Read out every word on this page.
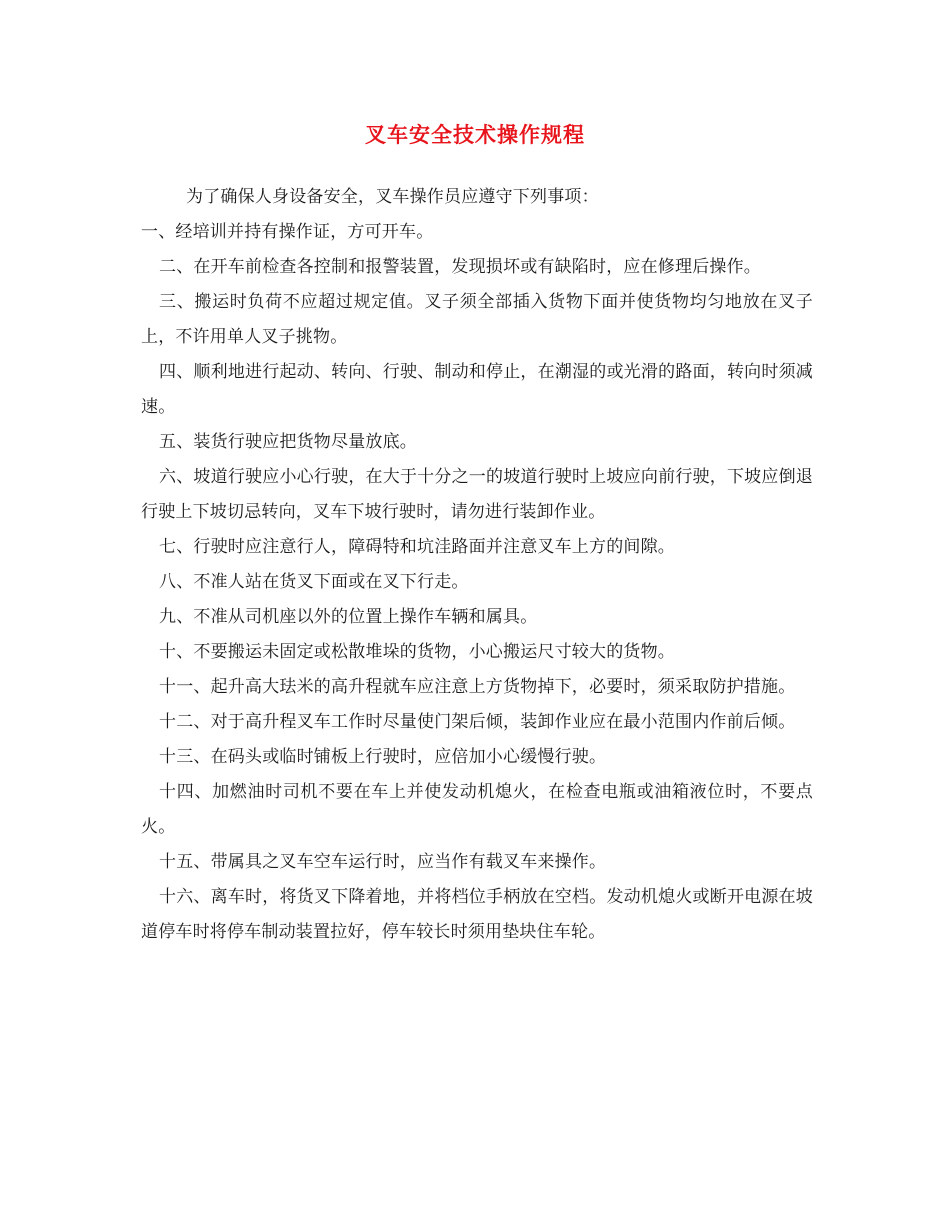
叉车安全技术操作规程

为了确保人身设备安全，叉车操作员应遵守下列事项：

一、经培训并持有操作证，方可开车。

二、在开车前检查各控制和报警装置，发现损坏或有缺陷时，应在修理后操作。

三、搬运时负荷不应超过规定值。叉子须全部插入货物下面并使货物均匀地放在叉子上，不许用单人叉子挑物。

四、顺利地进行起动、转向、行驶、制动和停止，在潮湿的或光滑的路面，转向时须减速。

五、装货行驶应把货物尽量放底。

六、坡道行驶应小心行驶，在大于十分之一的坡道行驶时上坡应向前行驶，下坡应倒退行驶上下坡切忌转向，叉车下坡行驶时，请勿进行装卸作业。

七、行驶时应注意行人，障碍特和坑洼路面并注意叉车上方的间隙。

八、不准人站在货叉下面或在叉下行走。

九、不准从司机座以外的位置上操作车辆和属具。

十、不要搬运未固定或松散堆垛的货物，小心搬运尺寸较大的货物。

十一、起升高大珐米的高升程就车应注意上方货物掉下，必要时，须采取防护措施。

十二、对于高升程叉车工作时尽量使门架后倾，装卸作业应在最小范围内作前后倾。

十三、在码头或临时铺板上行驶时，应倍加小心缓慢行驶。

十四、加燃油时司机不要在车上并使发动机熄火，在检查电瓶或油箱液位时，不要点火。

十五、带属具之叉车空车运行时，应当作有载叉车来操作。

十六、离车时，将货叉下降着地，并将档位手柄放在空档。发动机熄火或断开电源在坡道停车时将停车制动装置拉好，停车较长时须用垫块住车轮。
